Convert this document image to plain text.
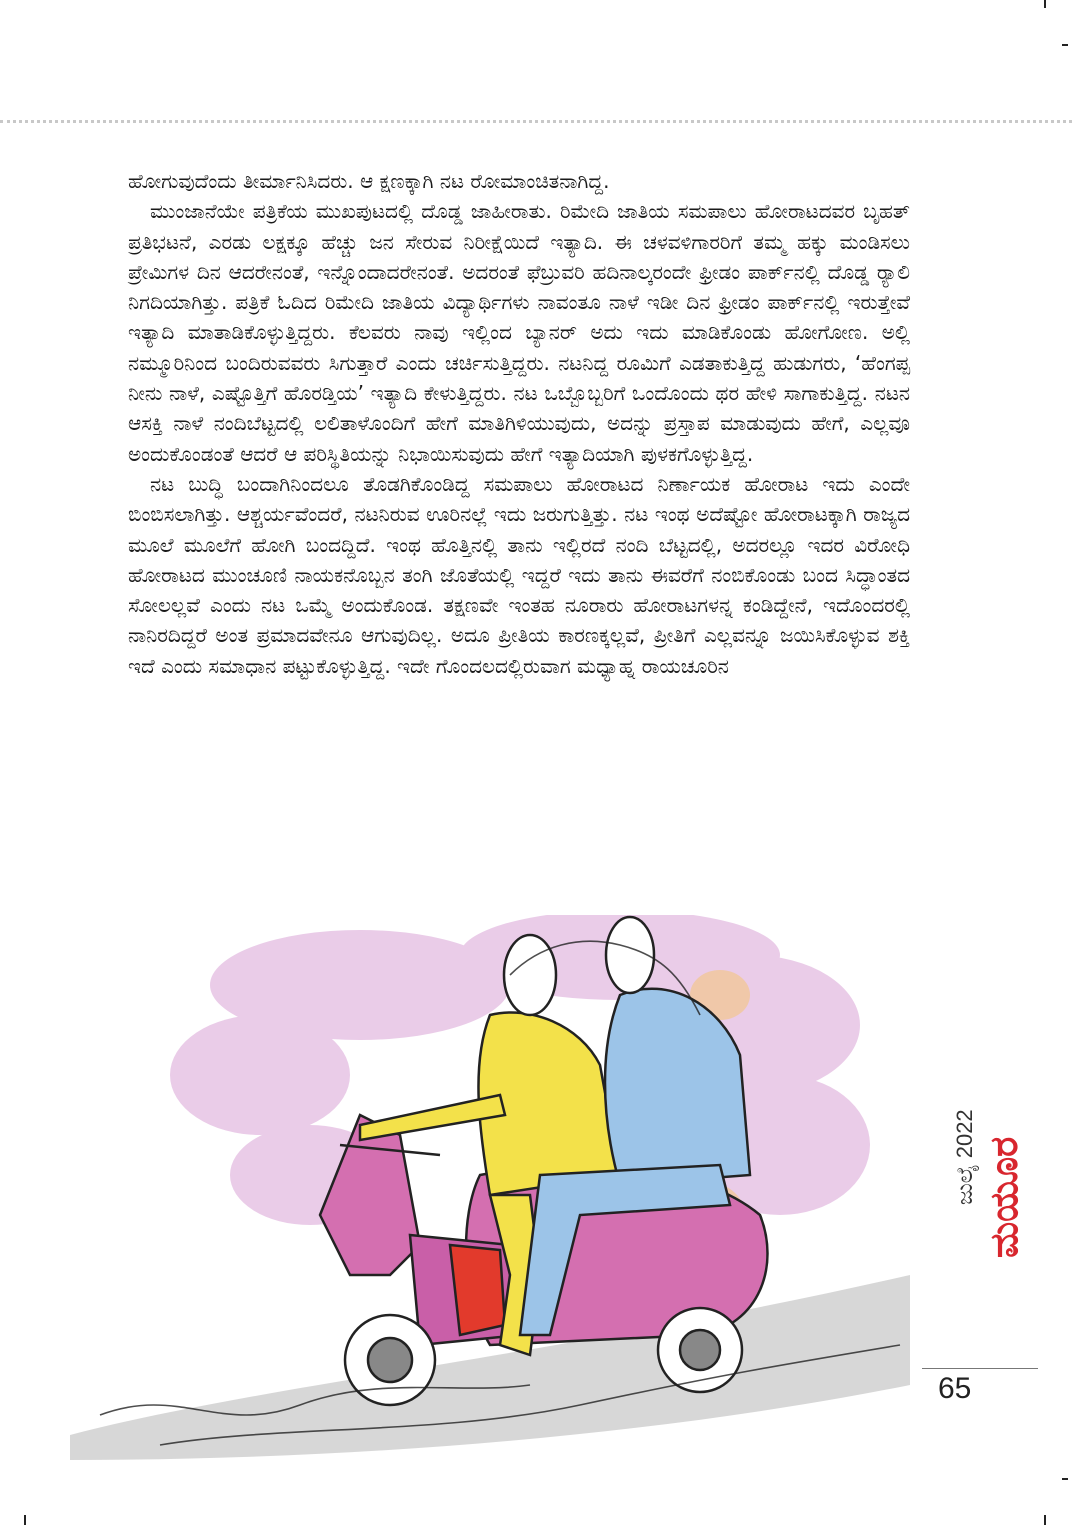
ಹೋಗುವುದೆಂದು ತೀರ್ಮಾನಿಸಿದರು. ಆ ಕ್ಷಣಕ್ಕಾಗಿ ನಟ ರೋಮಾಂಚಿತನಾಗಿದ್ದ.

ಮುಂಜಾನೆಯೇ ಪತ್ರಿಕೆಯ ಮುಖಪುಟದಲ್ಲಿ ದೊಡ್ಡ ಜಾಹೀರಾತು. ರಿಮೇದಿ ಜಾತಿಯ ಸಮಪಾಲು ಹೋರಾಟದವರ ಬೃಹತ್ ಪ್ರತಿಭಟನೆ, ಎರಡು ಲಕ್ಷಕ್ಕೂ ಹೆಚ್ಚು ಜನ ಸೇರುವ ನಿರೀಕ್ಷೆಯಿದೆ ಇತ್ಯಾದಿ. ಈ ಚಳವಳಿಗಾರರಿಗೆ ತಮ್ಮ ಹಕ್ಕು ಮಂಡಿಸಲು ಪ್ರೇಮಿಗಳ ದಿನ ಆದರೇನಂತೆ, ಇನ್ನೊಂದಾದರೇನಂತೆ. ಅದರಂತೆ ಫೆಬ್ರುವರಿ ಹದಿನಾಲ್ಕರಂದೇ ಫ್ರೀಡಂ ಪಾರ್ಕ್‌ನಲ್ಲಿ ದೊಡ್ಡ ರ‍್ಯಾಲಿ ನಿಗದಿಯಾಗಿತ್ತು. ಪತ್ರಿಕೆ ಓದಿದ ರಿಮೇದಿ ಜಾತಿಯ ವಿದ್ಯಾರ್ಥಿಗಳು ನಾವಂತೂ ನಾಳೆ ಇಡೀ ದಿನ ಫ್ರೀಡಂ ಪಾರ್ಕ್‌ನಲ್ಲಿ ಇರುತ್ತೇವೆ ಇತ್ಯಾದಿ ಮಾತಾಡಿಕೊಳ್ಳುತ್ತಿದ್ದರು. ಕೆಲವರು ನಾವು ಇಲ್ಲಿಂದ ಬ್ಯಾನರ್ ಅದು ಇದು ಮಾಡಿಕೊಂಡು ಹೋಗೋಣ. ಅಲ್ಲಿ ನಮ್ಮೂರಿನಿಂದ ಬಂದಿರುವವರು ಸಿಗುತ್ತಾರೆ ಎಂದು ಚರ್ಚಿಸುತ್ತಿದ್ದರು. ನಟನಿದ್ದ ರೂಮಿಗೆ ಎಡತಾಕುತ್ತಿದ್ದ ಹುಡುಗರು, ‘ಹೆಂಗಪ್ಪ ನೀನು ನಾಳೆ, ಎಷ್ಟೊತ್ತಿಗೆ ಹೊರಡ್ತಿಯ’ ಇತ್ಯಾದಿ ಕೇಳುತ್ತಿದ್ದರು. ನಟ ಒಬ್ಬೊಬ್ಬರಿಗೆ ಒಂದೊಂದು ಥರ ಹೇಳಿ ಸಾಗಾಕುತ್ತಿದ್ದ. ನಟನ ಆಸಕ್ತಿ ನಾಳೆ ನಂದಿಬೆಟ್ಟದಲ್ಲಿ ಲಲಿತಾಳೊಂದಿಗೆ ಹೇಗೆ ಮಾತಿಗಿಳಿಯುವುದು, ಅದನ್ನು ಪ್ರಸ್ತಾಪ ಮಾಡುವುದು ಹೇಗೆ, ಎಲ್ಲವೂ ಅಂದುಕೊಂಡಂತೆ ಆದರೆ ಆ ಪರಿಸ್ಥಿತಿಯನ್ನು ನಿಭಾಯಿಸುವುದು ಹೇಗೆ ಇತ್ಯಾದಿಯಾಗಿ ಪುಳಕಗೊಳ್ಳುತ್ತಿದ್ದ.

ನಟ ಬುದ್ಧಿ ಬಂದಾಗಿನಿಂದಲೂ ತೊಡಗಿಕೊಂಡಿದ್ದ ಸಮಪಾಲು ಹೋರಾಟದ ನಿರ್ಣಾಯಕ ಹೋರಾಟ ಇದು ಎಂದೇ ಬಿಂಬಿಸಲಾಗಿತ್ತು. ಆಶ್ಚರ್ಯವೆಂದರೆ, ನಟನಿರುವ ಊರಿನಲ್ಲೆ ಇದು ಜರುಗುತ್ತಿತ್ತು. ನಟ ಇಂಥ ಅದೆಷ್ಟೋ ಹೋರಾಟಕ್ಕಾಗಿ ರಾಜ್ಯದ ಮೂಲೆ ಮೂಲೆಗೆ ಹೋಗಿ ಬಂದದ್ದಿದೆ. ಇಂಥ ಹೊತ್ತಿನಲ್ಲಿ ತಾನು ಇಲ್ಲಿರದೆ ನಂದಿ ಬೆಟ್ಟದಲ್ಲಿ, ಅದರಲ್ಲೂ ಇದರ ವಿರೋಧಿ ಹೋರಾಟದ ಮುಂಚೂಣಿ ನಾಯಕನೊಬ್ಬನ ತಂಗಿ ಜೊತೆಯಲ್ಲಿ ಇದ್ದರೆ ಇದು ತಾನು ಈವರೆಗೆ ನಂಬಿಕೊಂಡು ಬಂದ ಸಿದ್ಧಾಂತದ ಸೋಲಲ್ಲವೆ ಎಂದು ನಟ ಒಮ್ಮೆ ಅಂದುಕೊಂಡ. ತಕ್ಷಣವೇ ಇಂತಹ ನೂರಾರು ಹೋರಾಟಗಳನ್ನ ಕಂಡಿದ್ದೇನೆ, ಇದೊಂದರಲ್ಲಿ ನಾನಿರದಿದ್ದರೆ ಅಂತ ಪ್ರಮಾದವೇನೂ ಆಗುವುದಿಲ್ಲ. ಅದೂ ಪ್ರೀತಿಯ ಕಾರಣಕ್ಕಲ್ಲವೆ, ಪ್ರೀತಿಗೆ ಎಲ್ಲವನ್ನೂ ಜಯಿಸಿಕೊಳ್ಳುವ ಶಕ್ತಿ ಇದೆ ಎಂದು ಸಮಾಧಾನ ಪಟ್ಟುಕೊಳ್ಳುತ್ತಿದ್ದ. ಇದೇ ಗೊಂದಲದಲ್ಲಿರುವಾಗ ಮಧ್ಯಾಹ್ನ ರಾಯಚೂರಿನ

ಜುಲೈ 2022 ಮಯೂರ
65
